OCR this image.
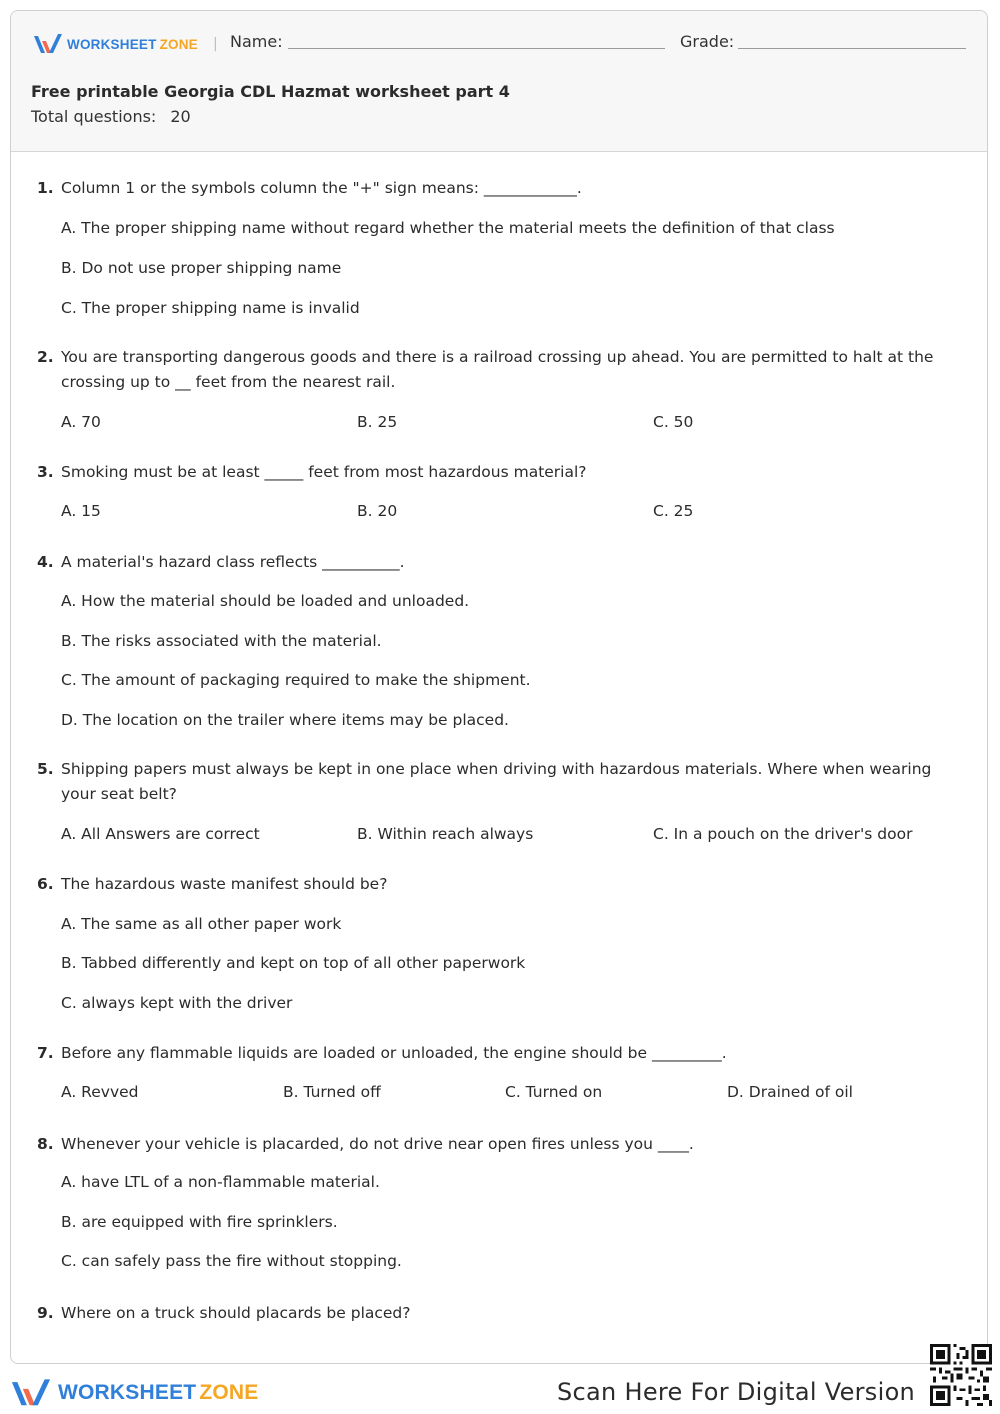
WORKSHEET ZONE | Name:	Grade:
Free printable Georgia CDL Hazmat worksheet part 4
Total questions: 20
1. Column 1 or the symbols column the "+" sign means: ____________.
A. The proper shipping name without regard whether the material meets the definition of that class
B. Do not use proper shipping name
C. The proper shipping name is invalid
2. You are transporting dangerous goods and there is a railroad crossing up ahead. You are permitted to halt at the crossing up to __ feet from the nearest rail.
A. 70	B. 25	C. 50
3. Smoking must be at least _____ feet from most hazardous material?
A. 15	B. 20	C. 25
4. A material's hazard class reflects __________.
A. How the material should be loaded and unloaded.
B. The risks associated with the material.
C. The amount of packaging required to make the shipment.
D. The location on the trailer where items may be placed.
5. Shipping papers must always be kept in one place when driving with hazardous materials. Where when wearing your seat belt?
A. All Answers are correct	B. Within reach always	C. In a pouch on the driver's door
6. The hazardous waste manifest should be?
A. The same as all other paper work
B. Tabbed differently and kept on top of all other paperwork
C. always kept with the driver
7. Before any flammable liquids are loaded or unloaded, the engine should be _________.
A. Revved	B. Turned off	C. Turned on	D. Drained of oil
8. Whenever your vehicle is placarded, do not drive near open fires unless you ____.
A. have LTL of a non-flammable material.
B. are equipped with fire sprinklers.
C. can safely pass the fire without stopping.
9. Where on a truck should placards be placed?
WORKSHEET ZONE	Scan Here For Digital Version
